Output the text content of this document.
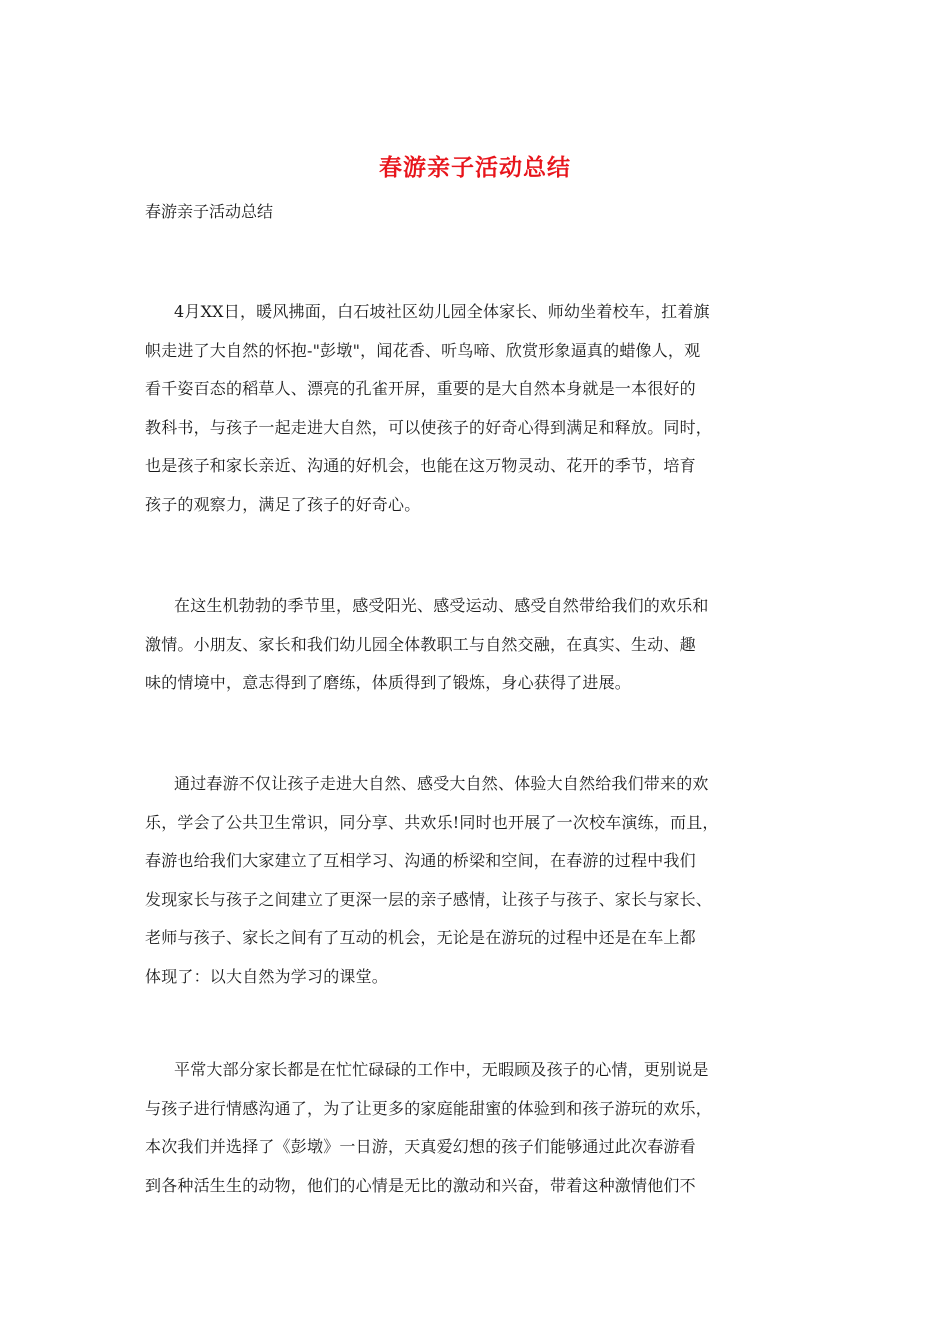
春游亲子活动总结
春游亲子活动总结
4月XX日，暖风拂面，白石坡社区幼儿园全体家长、师幼坐着校车，扛着旗
帜走进了大自然的怀抱-"彭墩"，闻花香、听鸟啼、欣赏形象逼真的蜡像人，观
看千姿百态的稻草人、漂亮的孔雀开屏，重要的是大自然本身就是一本很好的
教科书，与孩子一起走进大自然，可以使孩子的好奇心得到满足和释放。同时，
也是孩子和家长亲近、沟通的好机会，也能在这万物灵动、花开的季节，培育
孩子的观察力，满足了孩子的好奇心。
在这生机勃勃的季节里，感受阳光、感受运动、感受自然带给我们的欢乐和
激情。小朋友、家长和我们幼儿园全体教职工与自然交融，在真实、生动、趣
味的情境中，意志得到了磨练，体质得到了锻炼，身心获得了进展。
通过春游不仅让孩子走进大自然、感受大自然、体验大自然给我们带来的欢
乐，学会了公共卫生常识，同分享、共欢乐!同时也开展了一次校车演练，而且，
春游也给我们大家建立了互相学习、沟通的桥梁和空间，在春游的过程中我们
发现家长与孩子之间建立了更深一层的亲子感情，让孩子与孩子、家长与家长、
老师与孩子、家长之间有了互动的机会，无论是在游玩的过程中还是在车上都
体现了：以大自然为学习的课堂。
平常大部分家长都是在忙忙碌碌的工作中，无暇顾及孩子的心情，更别说是
与孩子进行情感沟通了，为了让更多的家庭能甜蜜的体验到和孩子游玩的欢乐，
本次我们并选择了《彭墩》一日游，天真爱幻想的孩子们能够通过此次春游看
到各种活生生的动物，他们的心情是无比的激动和兴奋，带着这种激情他们不
